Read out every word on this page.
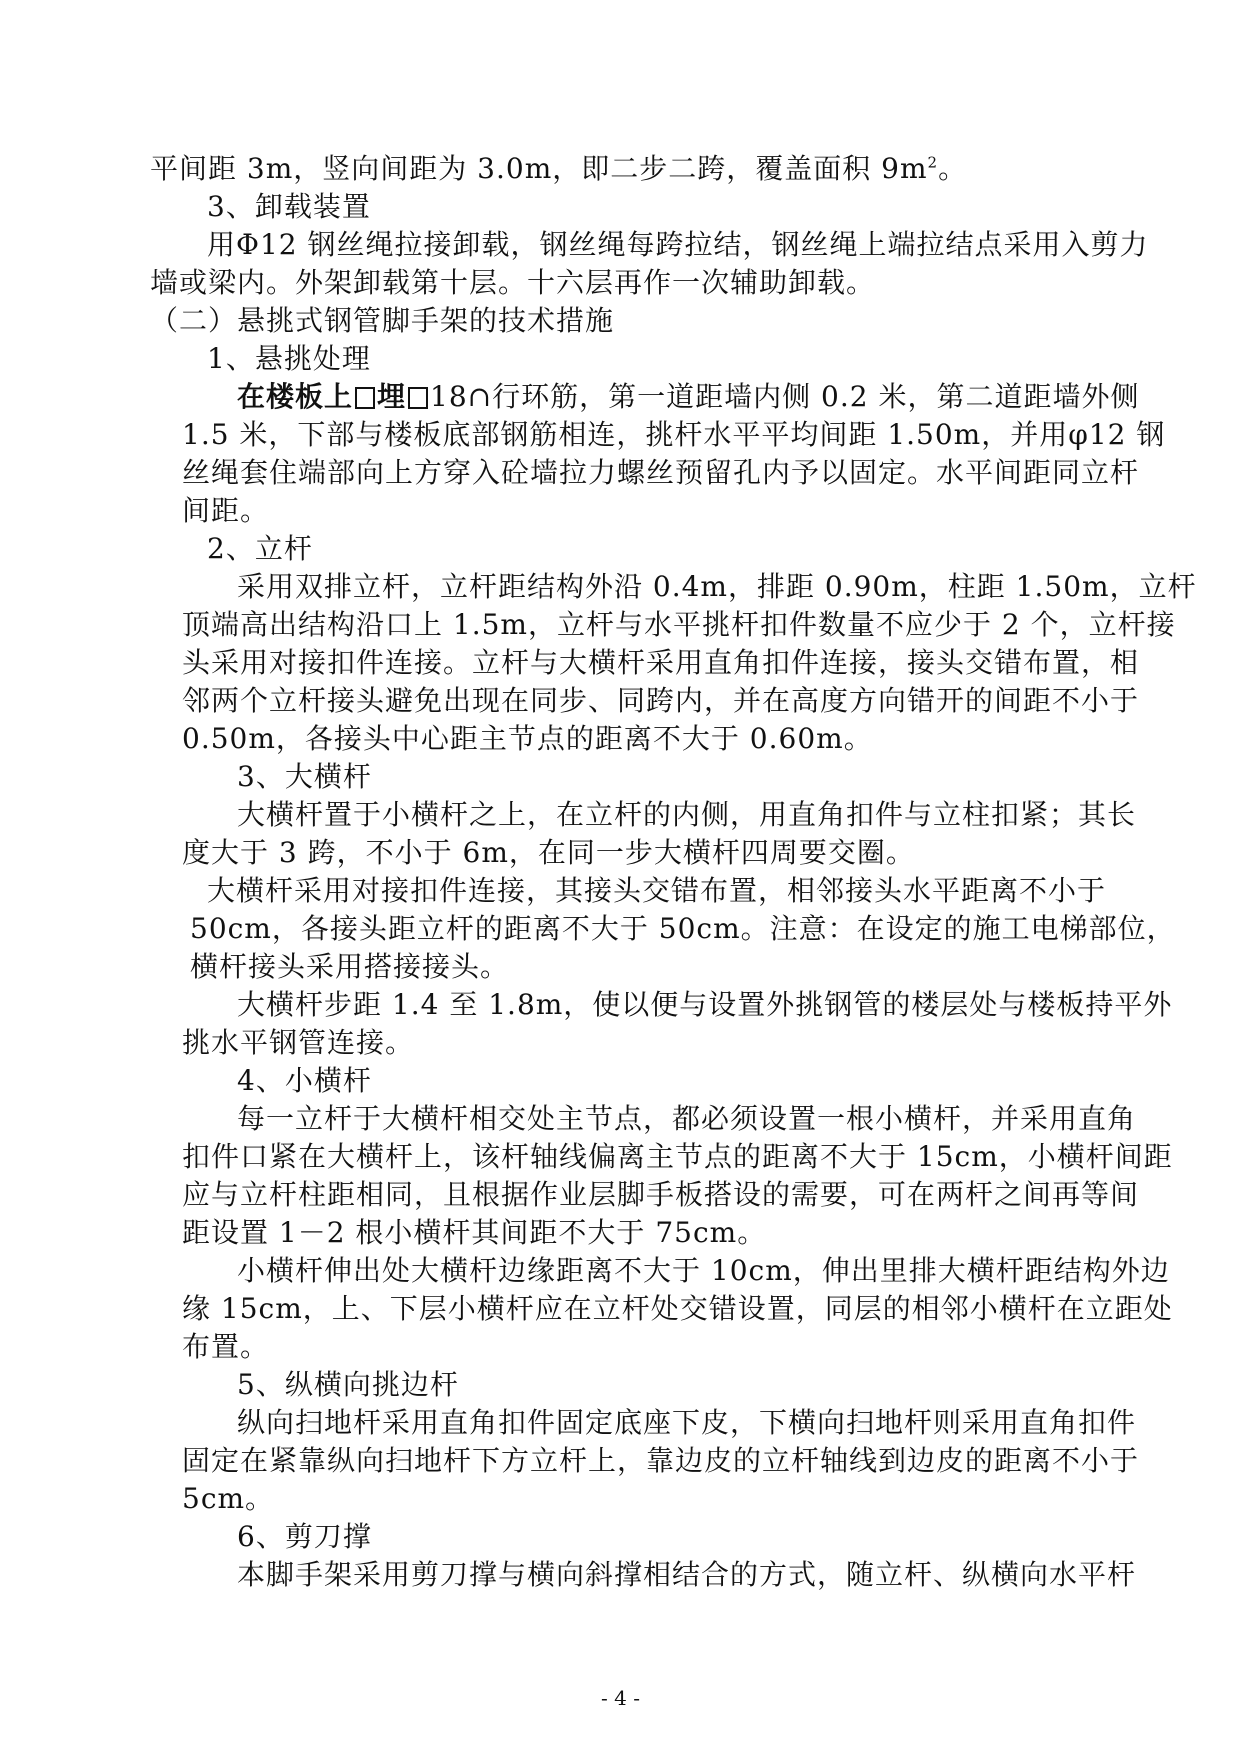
平间距 3m，竖向间距为 3.0m，即二步二跨，覆盖面积 $9m^2$。
3、卸载装置
用Φ12 钢丝绳拉接卸载，钢丝绳每跨拉结，钢丝绳上端拉结点采用入剪力
墙或梁内。外架卸载第十层。十六层再作一次辅助卸载。
（二）悬挑式钢管脚手架的技术措施
1、悬挑处理
在楼板上 埋 18∩行环筋，第一道距墙内侧 0.2 米，第二道距墙外侧
1.5 米，下部与楼板底部钢筋相连，挑杆水平平均间距 1.50m，并用φ12 钢
丝绳套住端部向上方穿入砼墙拉力螺丝预留孔内予以固定。水平间距同立杆
间距。
2、立杆
采用双排立杆，立杆距结构外沿 0.4m，排距 0.90m，柱距 1.50m，立杆
顶端高出结构沿口上 1.5m，立杆与水平挑杆扣件数量不应少于 2 个，立杆接
头采用对接扣件连接。立杆与大横杆采用直角扣件连接，接头交错布置，相
邻两个立杆接头避免出现在同步、同跨内，并在高度方向错开的间距不小于
0.50m，各接头中心距主节点的距离不大于 0.60m。
3、大横杆
大横杆置于小横杆之上，在立杆的内侧，用直角扣件与立柱扣紧；其长
度大于 3 跨，不小于 6m，在同一步大横杆四周要交圈。
大横杆采用对接扣件连接，其接头交错布置，相邻接头水平距离不小于
50cm，各接头距立杆的距离不大于 50cm。注意：在设定的施工电梯部位，
横杆接头采用搭接接头。
大横杆步距 1.4 至 1.8m，使以便与设置外挑钢管的楼层处与楼板持平外
挑水平钢管连接。
4、小横杆
每一立杆于大横杆相交处主节点，都必须设置一根小横杆，并采用直角
扣件口紧在大横杆上，该杆轴线偏离主节点的距离不大于 15cm，小横杆间距
应与立杆柱距相同，且根据作业层脚手板搭设的需要，可在两杆之间再等间
距设置 1－2 根小横杆其间距不大于 75cm。
小横杆伸出处大横杆边缘距离不大于 10cm，伸出里排大横杆距结构外边
缘 15cm，上、下层小横杆应在立杆处交错设置，同层的相邻小横杆在立距处
布置。
5、纵横向挑边杆
纵向扫地杆采用直角扣件固定底座下皮，下横向扫地杆则采用直角扣件
固定在紧靠纵向扫地杆下方立杆上，靠边皮的立杆轴线到边皮的距离不小于
5cm。
6、剪刀撑
本脚手架采用剪刀撑与横向斜撑相结合的方式，随立杆、纵横向水平杆
- 4 -
